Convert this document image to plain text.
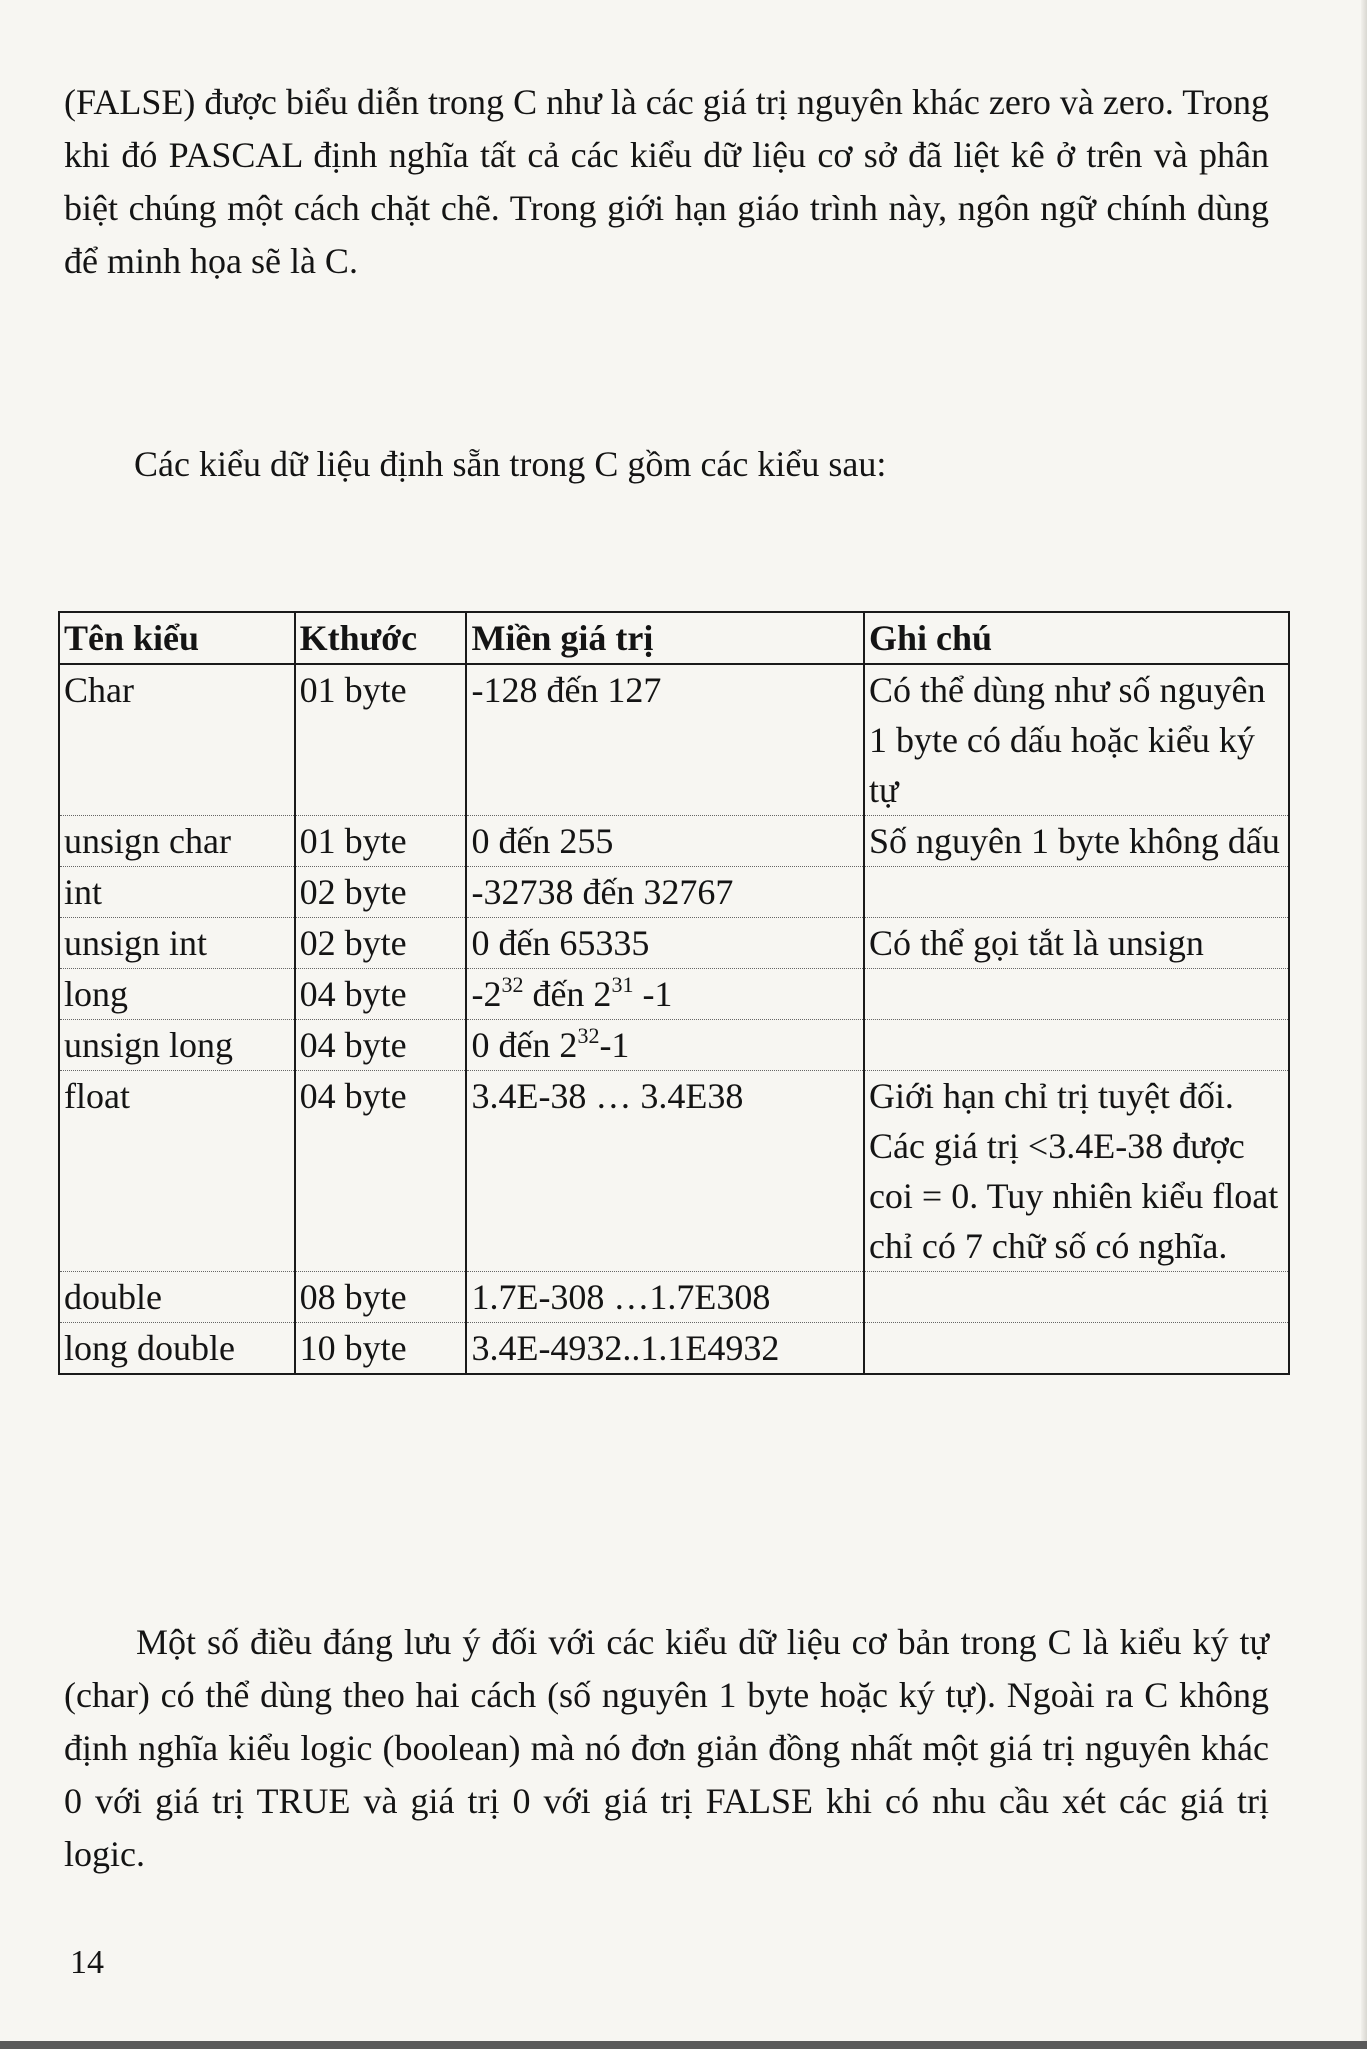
(FALSE) được biểu diễn trong C như là các giá trị nguyên khác zero và zero. Trong khi đó PASCAL định nghĩa tất cả các kiểu dữ liệu cơ sở đã liệt kê ở trên và phân biệt chúng một cách chặt chẽ. Trong giới hạn giáo trình này, ngôn ngữ chính dùng để minh họa sẽ là C.

Các kiểu dữ liệu định sẵn trong C gồm các kiểu sau:

Tên kiểu	Kthước	Miền giá trị	Ghi chú
Char	01 byte	-128 đến 127	Có thể dùng như số nguyên 1 byte có dấu hoặc kiểu ký tự
unsign char	01 byte	0 đến 255	Số nguyên 1 byte không dấu
int	02 byte	-32738 đến 32767	
unsign int	02 byte	0 đến 65335	Có thể gọi tắt là unsign
long	04 byte	$-2^{32}$ đến $2^{31}$ -1	
unsign long	04 byte	0 đến $2^{32}-1$	
float	04 byte	3.4E-38 … 3.4E38	Giới hạn chỉ trị tuyệt đối. Các giá trị <3.4E-38 được coi = 0. Tuy nhiên kiểu float chỉ có 7 chữ số có nghĩa.
double	08 byte	1.7E-308 …1.7E308	
long double	10 byte	3.4E-4932..1.1E4932	

Một số điều đáng lưu ý đối với các kiểu dữ liệu cơ bản trong C là kiểu ký tự (char) có thể dùng theo hai cách (số nguyên 1 byte hoặc ký tự). Ngoài ra C không định nghĩa kiểu logic (boolean) mà nó đơn giản đồng nhất một giá trị nguyên khác 0 với giá trị TRUE và giá trị 0 với giá trị FALSE khi có nhu cầu xét các giá trị logic.

14
